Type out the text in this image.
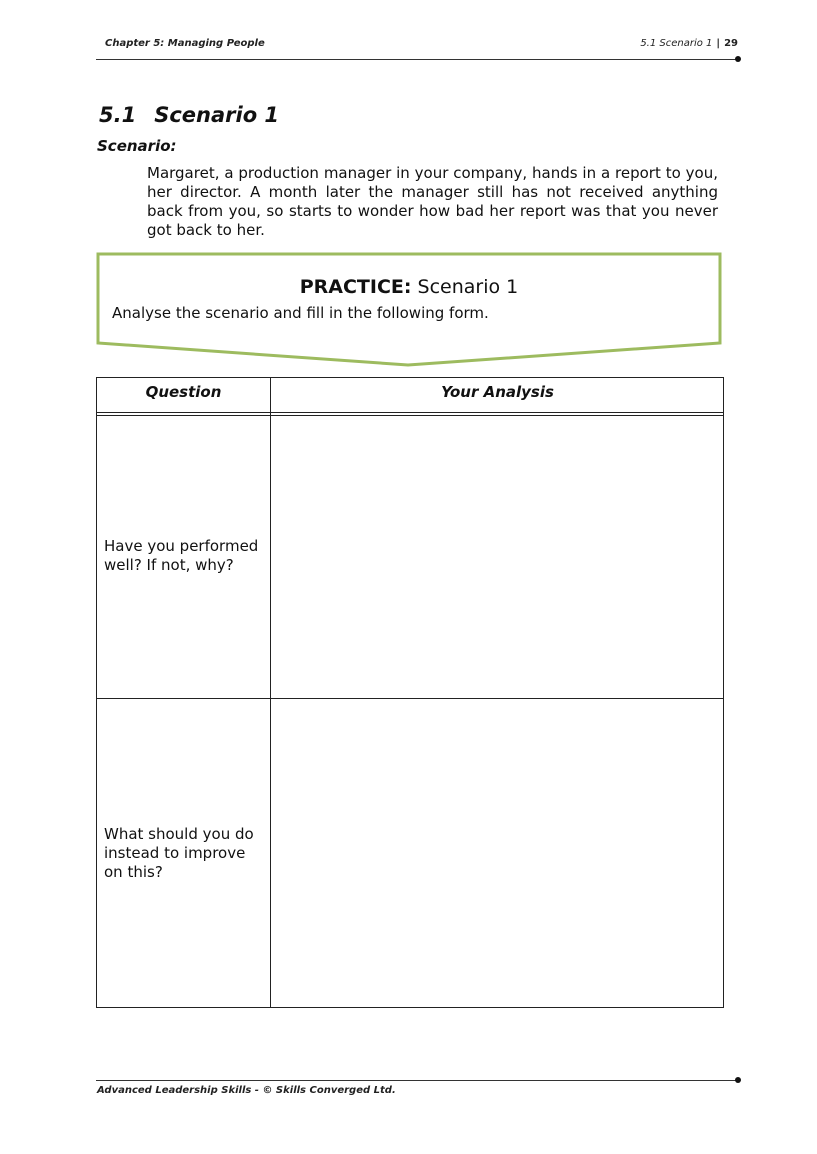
Chapter 5: Managing People	5.1 Scenario 1 | 29
5.1 Scenario 1
Scenario:
Margaret, a production manager in your company, hands in a report to you, her director. A month later the manager still has not received anything back from you, so starts to wonder how bad her report was that you never got back to her.
PRACTICE: Scenario 1
Analyse the scenario and fill in the following form.
Question	Your Analysis
Have you performed well? If not, why?
What should you do instead to improve on this?
Advanced Leadership Skills - © Skills Converged Ltd.
